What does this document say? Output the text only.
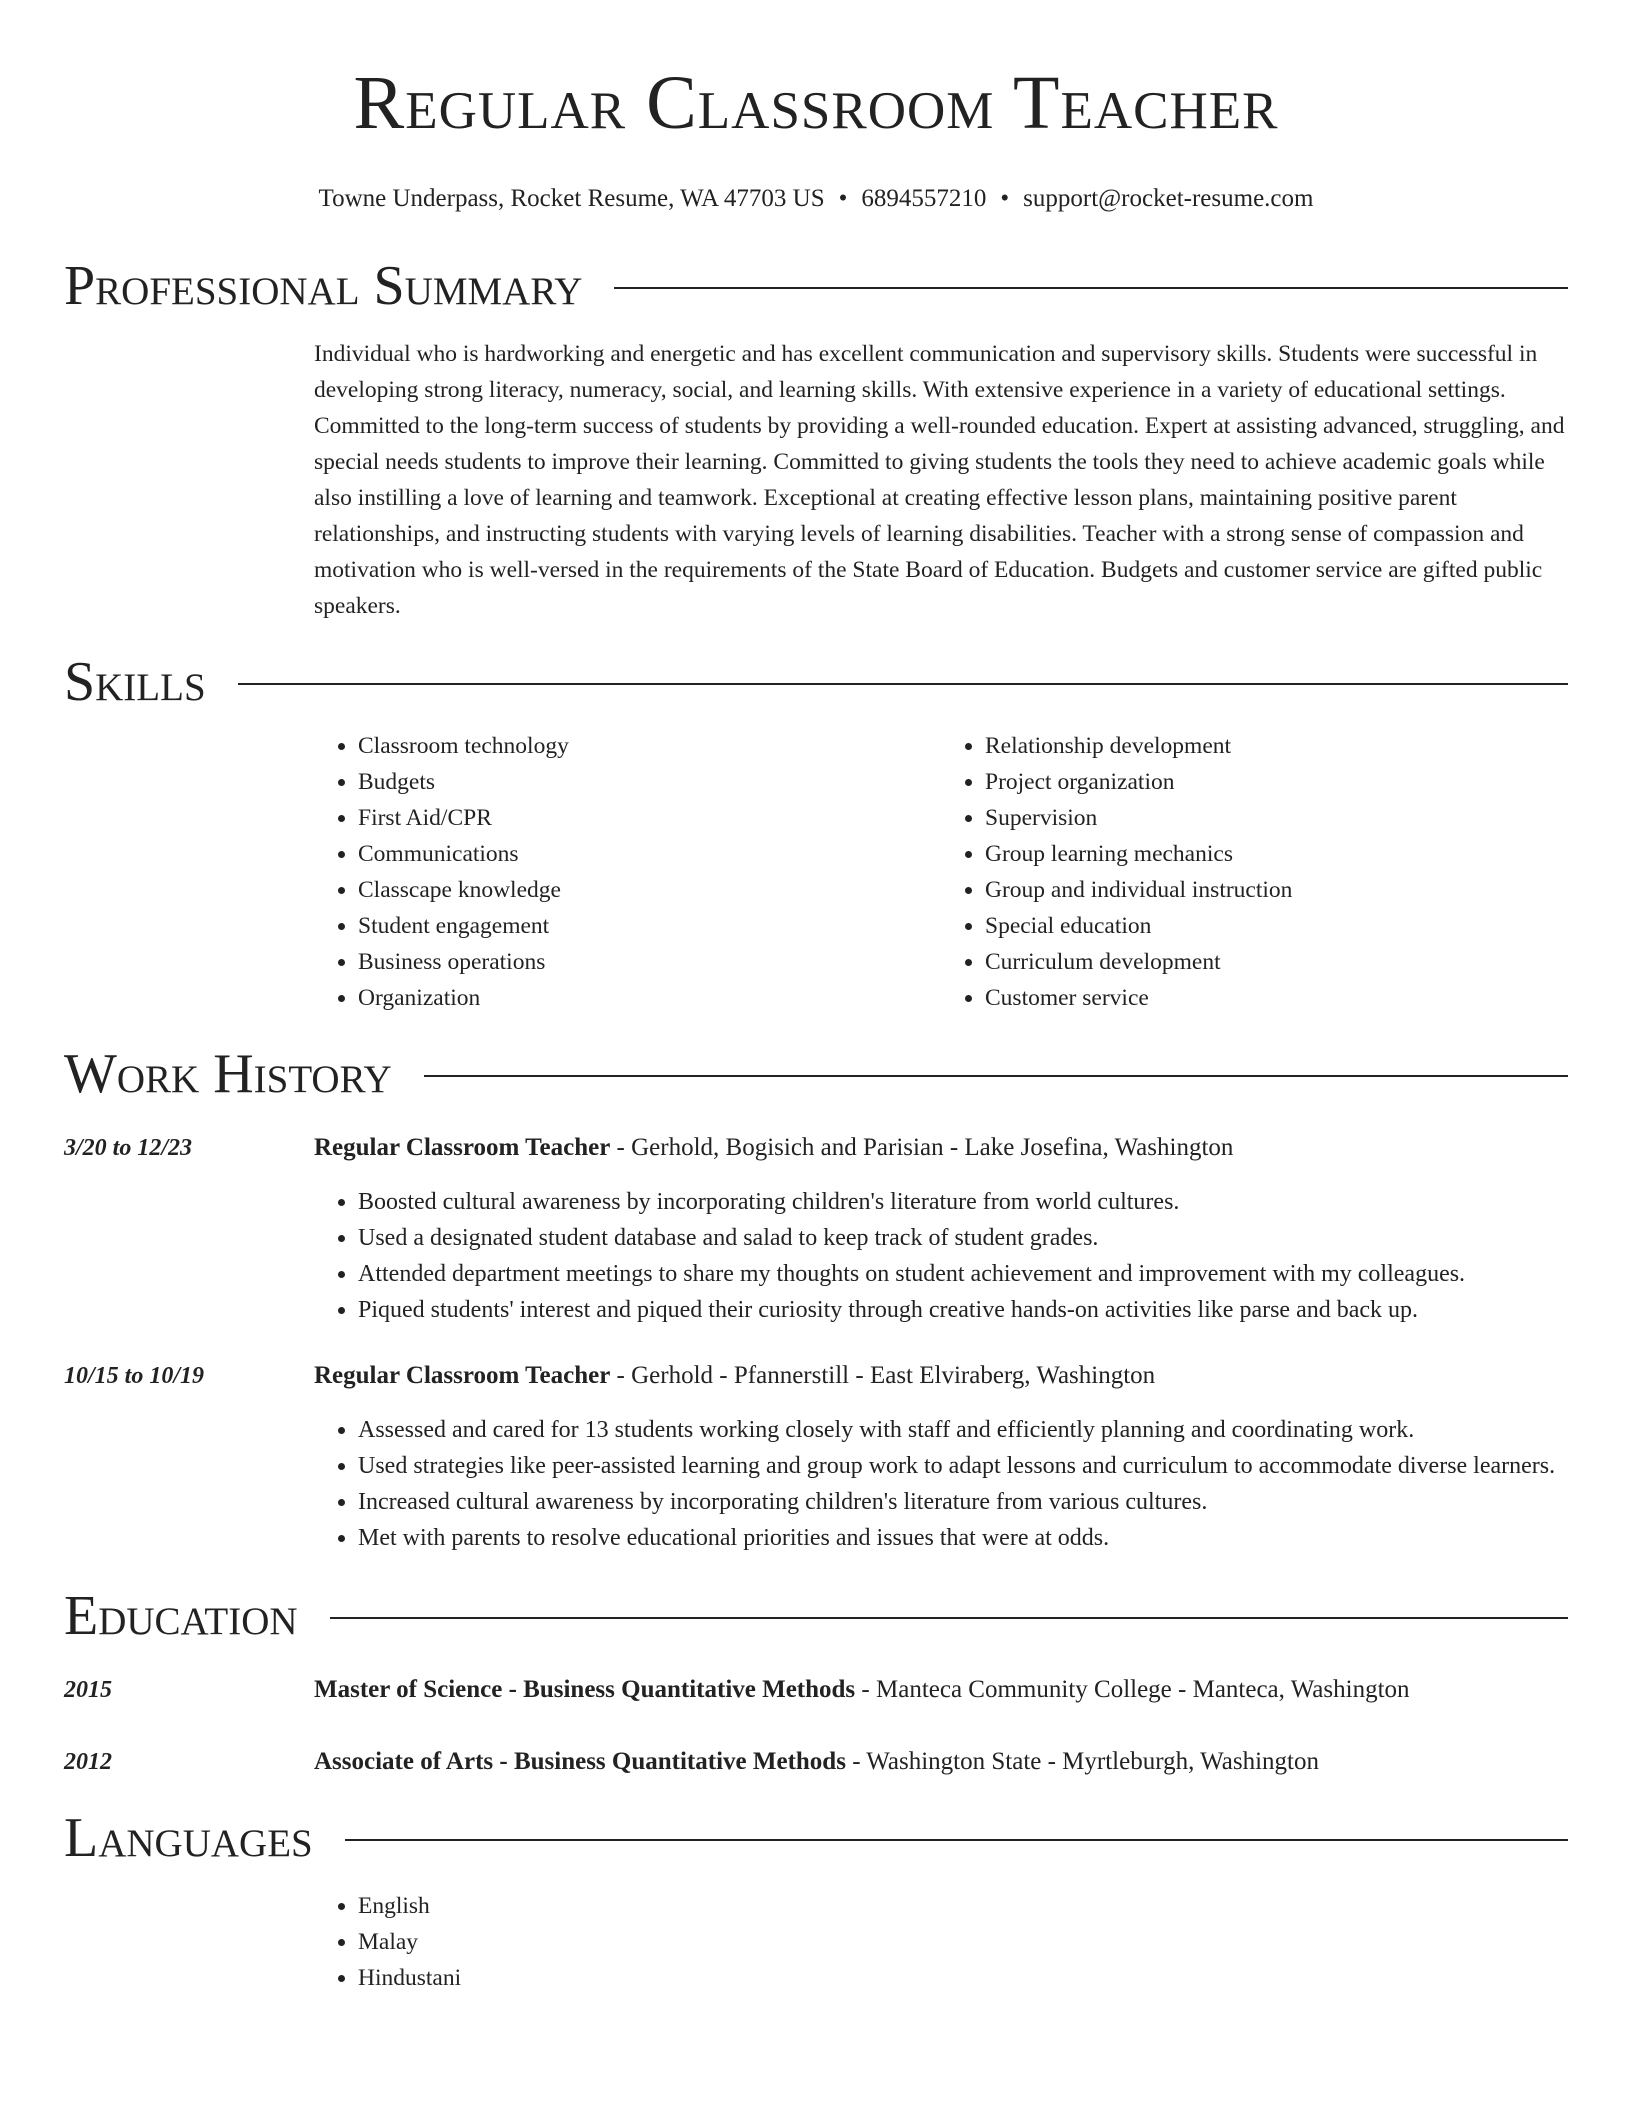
Regular Classroom Teacher
Towne Underpass, Rocket Resume, WA 47703 US • 6894557210 • support@rocket-resume.com
Professional Summary

Individual who is hardworking and energetic and has excellent communication and supervisory skills. Students were successful in developing strong literacy, numeracy, social, and learning skills. With extensive experience in a variety of educational settings. Committed to the long-term success of students by providing a well-rounded education. Expert at assisting advanced, struggling, and special needs students to improve their learning. Committed to giving students the tools they need to achieve academic goals while also instilling a love of learning and teamwork. Exceptional at creating effective lesson plans, maintaining positive parent relationships, and instructing students with varying levels of learning disabilities. Teacher with a strong sense of compassion and motivation who is well-versed in the requirements of the State Board of Education. Budgets and customer service are gifted public speakers.

Skills
• Classroom technology
• Budgets
• First Aid/CPR
• Communications
• Classcape knowledge
• Student engagement
• Business operations
• Organization
• Relationship development
• Project organization
• Supervision
• Group learning mechanics
• Group and individual instruction
• Special education
• Curriculum development
• Customer service
Work History
3/20 to 12/23	Regular Classroom Teacher - Gerhold, Bogisich and Parisian - Lake Josefina, Washington
• Boosted cultural awareness by incorporating children's literature from world cultures.
• Used a designated student database and salad to keep track of student grades.
• Attended department meetings to share my thoughts on student achievement and improvement with my colleagues.
• Piqued students' interest and piqued their curiosity through creative hands-on activities like parse and back up.
10/15 to 10/19	Regular Classroom Teacher - Gerhold - Pfannerstill - East Elviraberg, Washington
• Assessed and cared for 13 students working closely with staff and efficiently planning and coordinating work.
• Used strategies like peer-assisted learning and group work to adapt lessons and curriculum to accommodate diverse learners.
• Increased cultural awareness by incorporating children's literature from various cultures.
• Met with parents to resolve educational priorities and issues that were at odds.
Education
2015	Master of Science - Business Quantitative Methods - Manteca Community College - Manteca, Washington
2012	Associate of Arts - Business Quantitative Methods - Washington State - Myrtleburgh, Washington
Languages
• English
• Malay
• Hindustani
